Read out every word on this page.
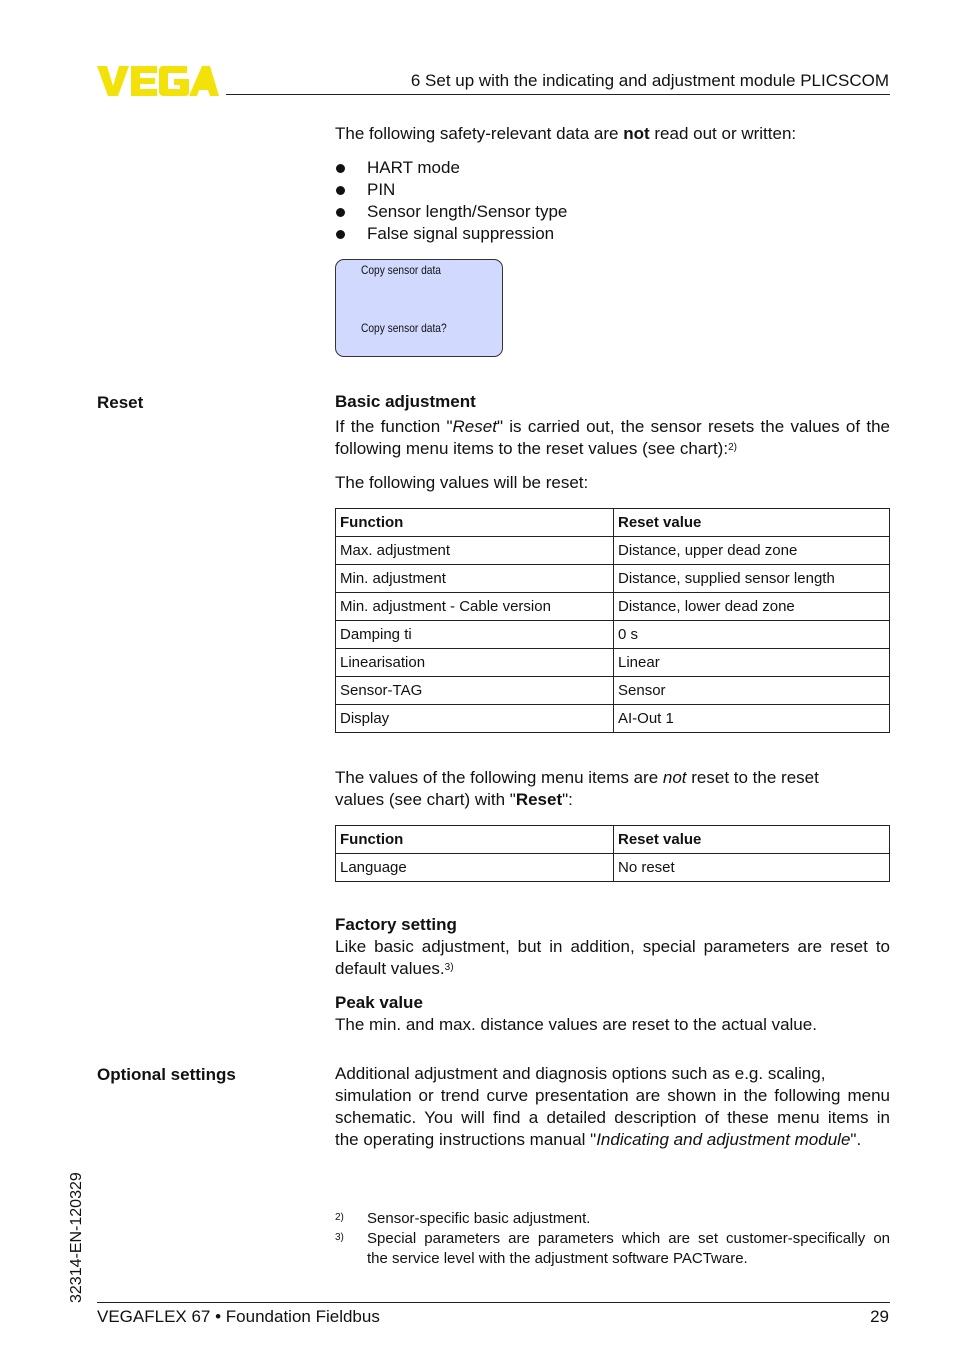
6 Set up with the indicating and adjustment module PLICSCOM
The following safety-relevant data are not read out or written:
HART mode
PIN
Sensor length/Sensor type
False signal suppression
Copy sensor data
Copy sensor data?
Reset	Basic adjustment
If the function "Reset" is carried out, the sensor resets the values of the
following menu items to the reset values (see chart):$^{2)}$
The following values will be reset:
Function	Reset value
Max. adjustment	Distance, upper dead zone
Min. adjustment	Distance, supplied sensor length
Min. adjustment - Cable version	Distance, lower dead zone
Damping ti	0 s
Linearisation	Linear
Sensor-TAG	Sensor
Display	AI-Out 1
The values of the following menu items are not reset to the reset
values (see chart) with "Reset":
Function	Reset value
Language	No reset
Factory setting
Like basic adjustment, but in addition, special parameters are reset to
default values.$^{3)}$
Peak value
The min. and max. distance values are reset to the actual value.
Optional settings	Additional adjustment and diagnosis options such as e.g. scaling,
simulation or trend curve presentation are shown in the following menu
schematic. You will find a detailed description of these menu items in
the operating instructions manual "Indicating and adjustment module".
2) Sensor-specific basic adjustment.
3) Special parameters are parameters which are set customer-specifically on
the service level with the adjustment software PACTware.
32314-EN-120329
VEGAFLEX 67 • Foundation Fieldbus	29
